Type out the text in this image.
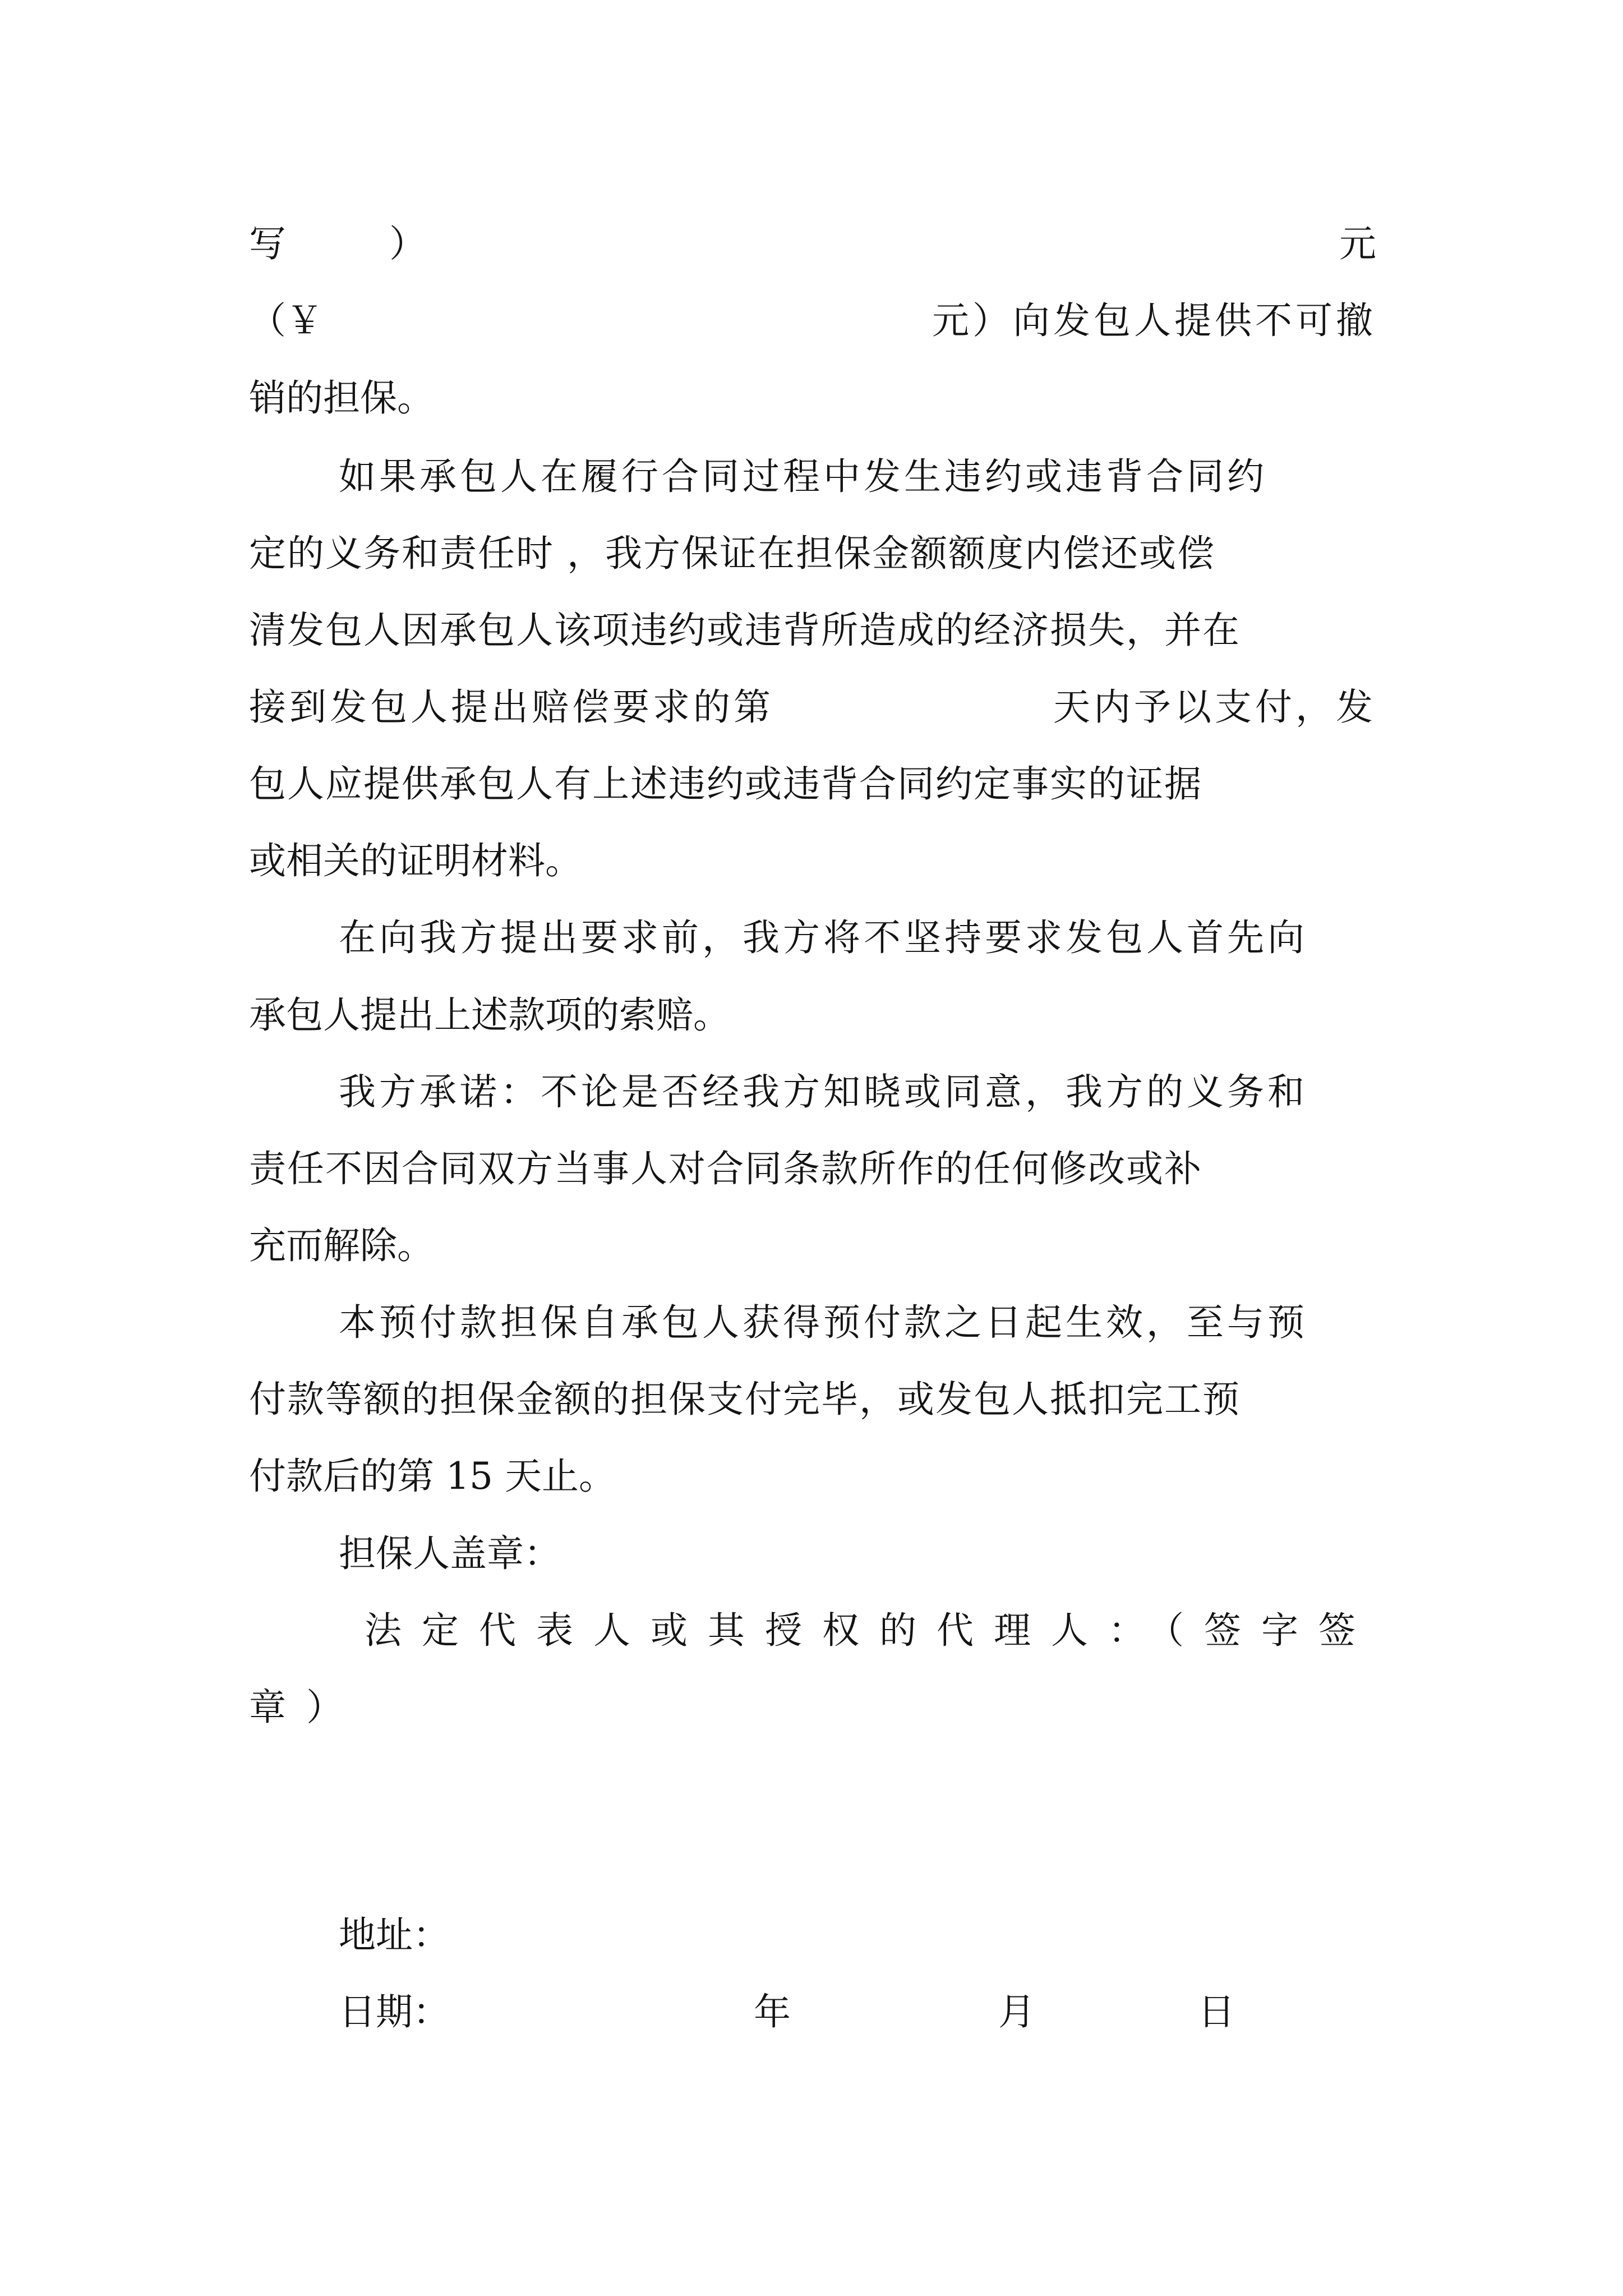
写	）	元
（￥	元）向发包人提供不可撤
销的担保。
如果承包人在履行合同过程中发生违约或违背合同约
定的义务和责任时 ，我方保证在担保金额额度内偿还或偿
清发包人因承包人该项违约或违背所造成的经济损失，并在
接到发包人提出赔偿要求的第	天内予以支付，发
包人应提供承包人有上述违约或违背合同约定事实的证据
或相关的证明材料。
在向我方提出要求前，我方将不坚持要求发包人首先向
承包人提出上述款项的索赔。
我方承诺：不论是否经我方知晓或同意，我方的义务和
责任不因合同双方当事人对合同条款所作的任何修改或补
充而解除。
本预付款担保自承包人获得预付款之日起生效，至与预
付款等额的担保金额的担保支付完毕，或发包人抵扣完工预
付款后的第 15 天止。
担保人盖章：
法定代表人或其授权的代理人：（签字签
章）
地址：
日期：	年	月	日
